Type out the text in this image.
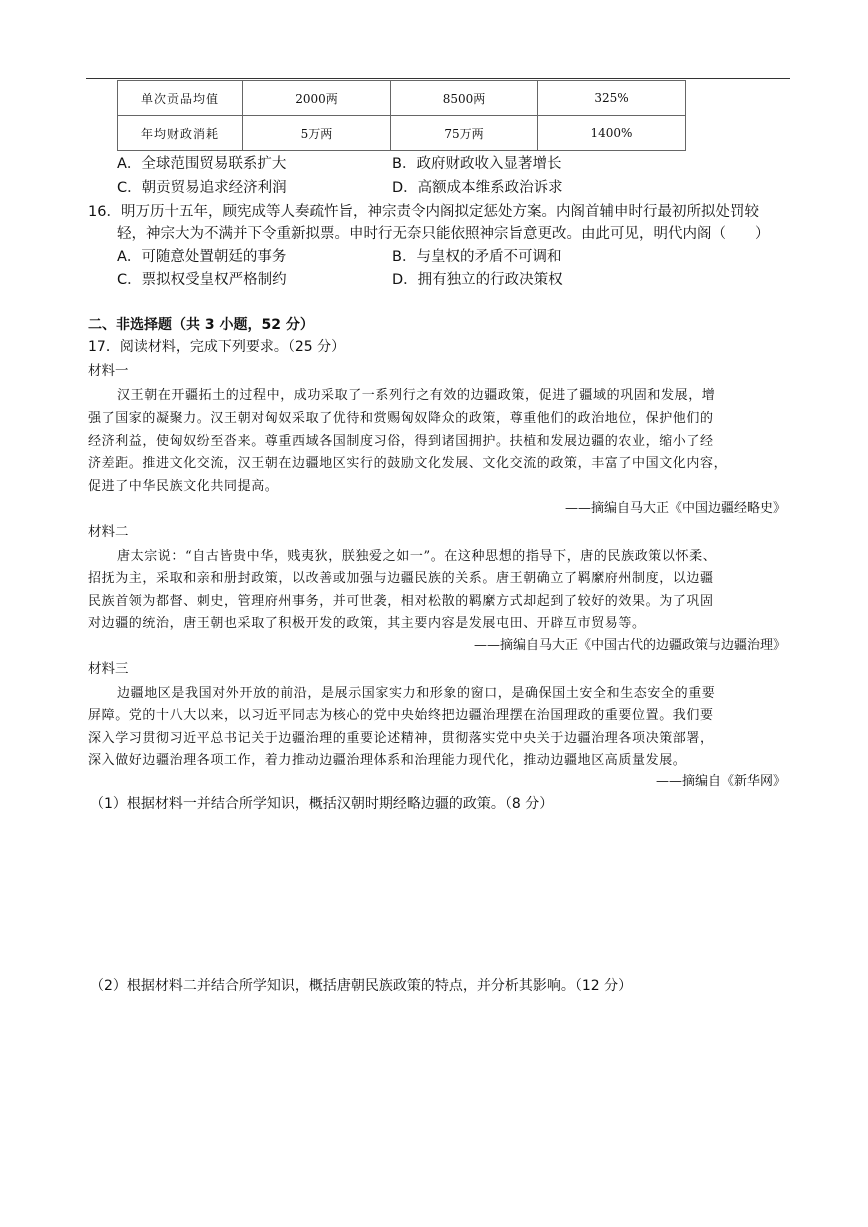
单次贡品均值	2000两	8500两	325%
年均财政消耗	5万两	75万两	1400%
A．全球范围贸易联系扩大	B．政府财政收入显著增长
C．朝贡贸易追求经济利润	D．高额成本维系政治诉求
16．明万历十五年，顾宪成等人奏疏忤旨，神宗责令内阁拟定惩处方案。内阁首辅申时行最初所拟处罚较
轻，神宗大为不满并下令重新拟票。申时行无奈只能依照神宗旨意更改。由此可见，明代内阁（　　）
A．可随意处置朝廷的事务	B．与皇权的矛盾不可调和
C．票拟权受皇权严格制约	D．拥有独立的行政决策权
二、非选择题（共 3 小题，52 分）
17．阅读材料，完成下列要求。（25 分）
材料一
汉王朝在开疆拓土的过程中，成功采取了一系列行之有效的边疆政策，促进了疆域的巩固和发展，增
强了国家的凝聚力。汉王朝对匈奴采取了优待和赏赐匈奴降众的政策，尊重他们的政治地位，保护他们的
经济利益，使匈奴纷至沓来。尊重西域各国制度习俗，得到诸国拥护。扶植和发展边疆的农业，缩小了经
济差距。推进文化交流，汉王朝在边疆地区实行的鼓励文化发展、文化交流的政策，丰富了中国文化内容，
促进了中华民族文化共同提高。
——摘编自马大正《中国边疆经略史》
材料二
唐太宗说：“自古皆贵中华，贱夷狄，朕独爱之如一”。在这种思想的指导下，唐的民族政策以怀柔、
招抚为主，采取和亲和册封政策，以改善或加强与边疆民族的关系。唐王朝确立了羁縻府州制度，以边疆
民族首领为都督、刺史，管理府州事务，并可世袭，相对松散的羁縻方式却起到了较好的效果。为了巩固
对边疆的统治，唐王朝也采取了积极开发的政策，其主要内容是发展屯田、开辟互市贸易等。
——摘编自马大正《中国古代的边疆政策与边疆治理》
材料三
边疆地区是我国对外开放的前沿，是展示国家实力和形象的窗口，是确保国土安全和生态安全的重要
屏障。党的十八大以来，以习近平同志为核心的党中央始终把边疆治理摆在治国理政的重要位置。我们要
深入学习贯彻习近平总书记关于边疆治理的重要论述精神，贯彻落实党中央关于边疆治理各项决策部署，
深入做好边疆治理各项工作，着力推动边疆治理体系和治理能力现代化，推动边疆地区高质量发展。
——摘编自《新华网》
（1）根据材料一并结合所学知识，概括汉朝时期经略边疆的政策。（8 分）
（2）根据材料二并结合所学知识，概括唐朝民族政策的特点，并分析其影响。（12 分）
